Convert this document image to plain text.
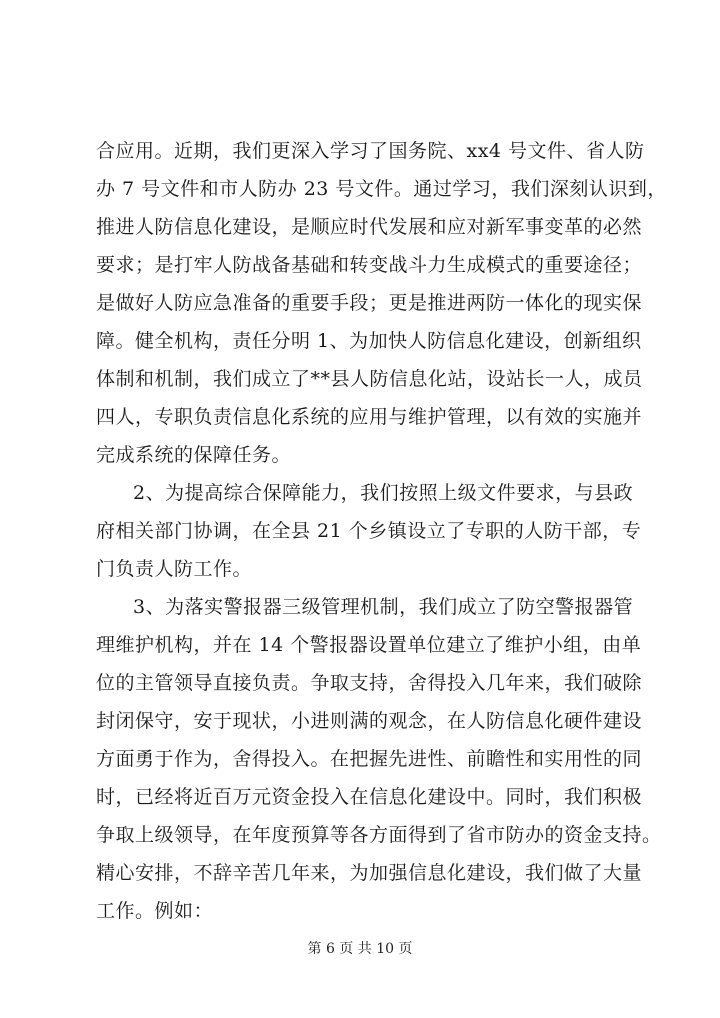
合应用。近期，我们更深入学习了国务院、xx4 号文件、省人防
办 7 号文件和市人防办 23 号文件。通过学习，我们深刻认识到，
推进人防信息化建设，是顺应时代发展和应对新军事变革的必然
要求；是打牢人防战备基础和转变战斗力生成模式的重要途径；
是做好人防应急准备的重要手段；更是推进两防一体化的现实保
障。健全机构，责任分明 1、为加快人防信息化建设，创新组织
体制和机制，我们成立了**县人防信息化站，设站长一人，成员
四人，专职负责信息化系统的应用与维护管理，以有效的实施并
完成系统的保障任务。
2、为提高综合保障能力，我们按照上级文件要求，与县政
府相关部门协调，在全县 21 个乡镇设立了专职的人防干部，专
门负责人防工作。
3、为落实警报器三级管理机制，我们成立了防空警报器管
理维护机构，并在 14 个警报器设置单位建立了维护小组，由单
位的主管领导直接负责。争取支持，舍得投入几年来，我们破除
封闭保守，安于现状，小进则满的观念，在人防信息化硬件建设
方面勇于作为，舍得投入。在把握先进性、前瞻性和实用性的同
时，已经将近百万元资金投入在信息化建设中。同时，我们积极
争取上级领导，在年度预算等各方面得到了省市防办的资金支持。
精心安排，不辞辛苦几年来，为加强信息化建设，我们做了大量
工作。例如：
第 6 页 共 10 页
